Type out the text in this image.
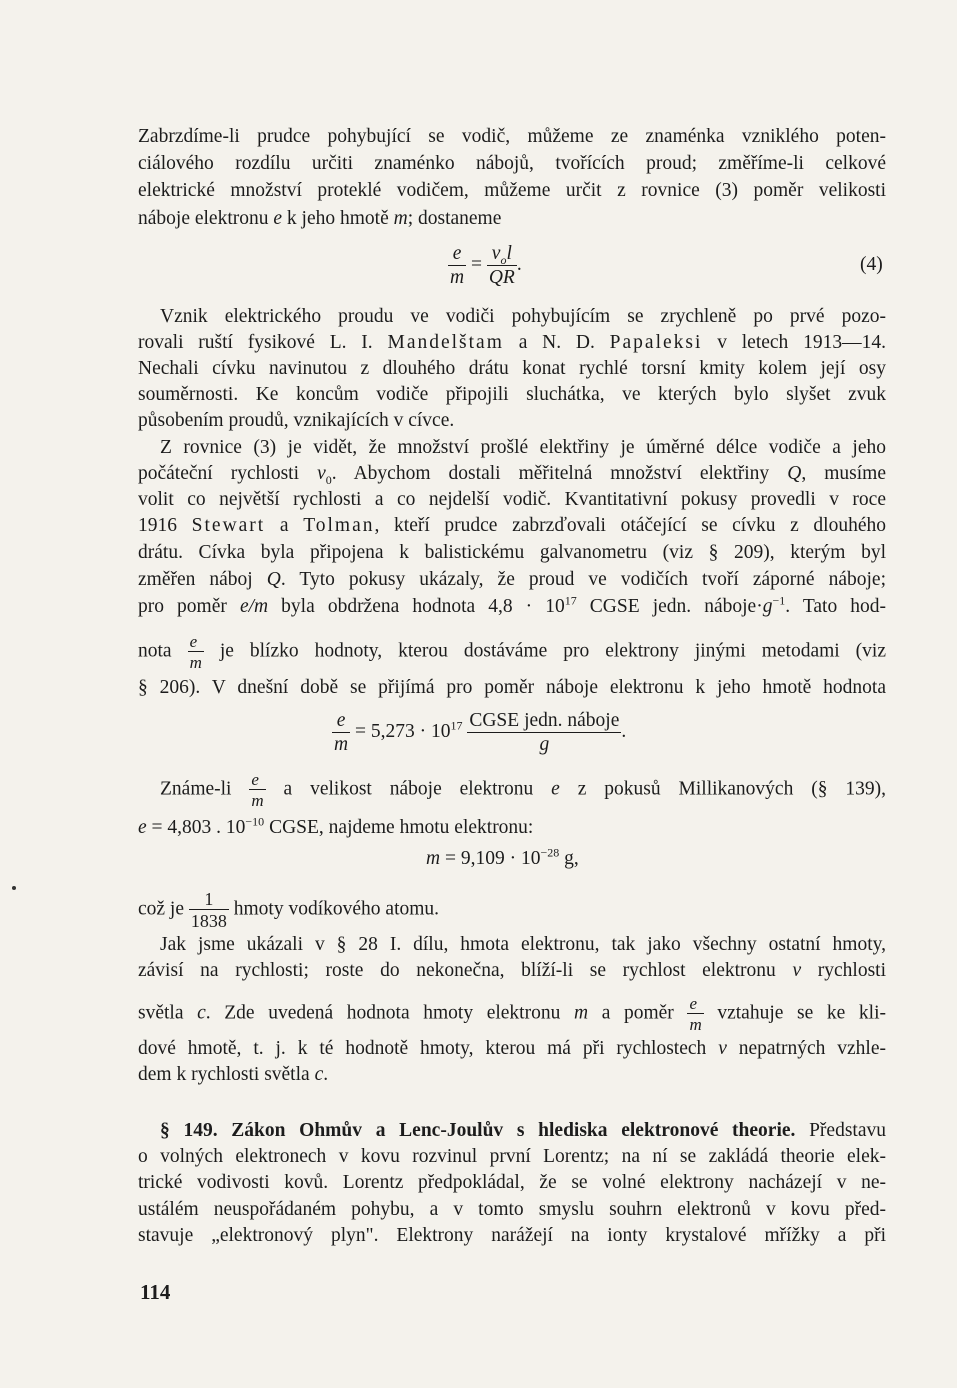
Zabrzdíme-li prudce pohybující se vodič, můžeme ze znaménka vzniklého poten-
ciálového rozdílu určiti znaménko nábojů, tvořících proud; změříme-li celkové
elektrické množství proteklé vodičem, můžeme určit z rovnice (3) poměr velikosti
náboje elektronu e k jeho hmotě m; dostaneme
$\frac{e}{m} = \frac{v_ol}{QR}$ .	(4)
Vznik elektrického proudu ve vodiči pohybujícím se zrychleně po prvé pozo-
rovali ruští fysikové L. I. Mandelštam a N. D. Papaleksi v letech 1913—14.
Nechali cívku navinutou z dlouhého drátu konat rychlé torsní kmity kolem její osy
souměrnosti. Ke koncům vodiče připojili sluchátka, ve kterých bylo slyšet zvuk
působením proudů, vznikajících v cívce.
Z rovnice (3) je vidět, že množství prošlé elektřiny je úměrné délce vodiče a jeho
počáteční rychlosti $v_0$. Abychom dostali měřitelná množství elektřiny Q, musíme
volit co největší rychlosti a co nejdelší vodič. Kvantitativní pokusy provedli v roce
1916 Stewart a Tolman, kteří prudce zabrzďovali otáčející se cívku z dlouhého
drátu. Cívka byla připojena k balistickému galvanometru (viz § 209), kterým byl
změřen náboj Q. Tyto pokusy ukázaly, že proud ve vodičích tvoří záporné náboje;
pro poměr e/m byla obdržena hodnota $4,8 \cdot 10^{17}$ CGSE jedn. $náboje\cdot g^{-1}$. Tato hod-
nota $\frac{e}{m}$ je blízko hodnoty, kterou dostáváme pro elektrony jinými metodami (viz
§ 206). V dnešní době se přijímá pro poměr náboje elektronu k jeho hmotě hodnota
$\frac{e}{m} = 5,273 \cdot 10^{17} \frac{\text{CGSE jedn. náboje}}{g}$ .
Známe-li $\frac{e}{m}$ a velikost náboje elektronu e z pokusů Millikanových (§ 139),
e = 4,803 . $10^{-10}$ CGSE, najdeme hmotu elektronu:
$m = 9,109 \cdot 10^{-28}$ g,
což je $\frac{1}{1838}$ hmoty vodíkového atomu.
Jak jsme ukázali v § 28 I. dílu, hmota elektronu, tak jako všechny ostatní hmoty,
závisí na rychlosti; roste do nekonečna, blíží-li se rychlost elektronu v rychlosti
světla c. Zde uvedená hodnota hmoty elektronu m a poměr $\frac{e}{m}$ vztahuje se ke kli-
dové hmotě, t. j. k té hodnotě hmoty, kterou má při rychlostech v nepatrných vzhle-
dem k rychlosti světla c.
§ 149. Zákon Ohmův a Lenc-Joulův s hlediska elektronové theorie. Představu
o volných elektronech v kovu rozvinul první Lorentz; na ní se zakládá theorie elek-
trické vodivosti kovů. Lorentz předpokládal, že se volné elektrony nacházejí v ne-
ustálém neuspořádaném pohybu, a v tomto smyslu souhrn elektronů v kovu před-
stavuje „elektronový plyn". Elektrony narážejí na ionty krystalové mřížky a při
114
